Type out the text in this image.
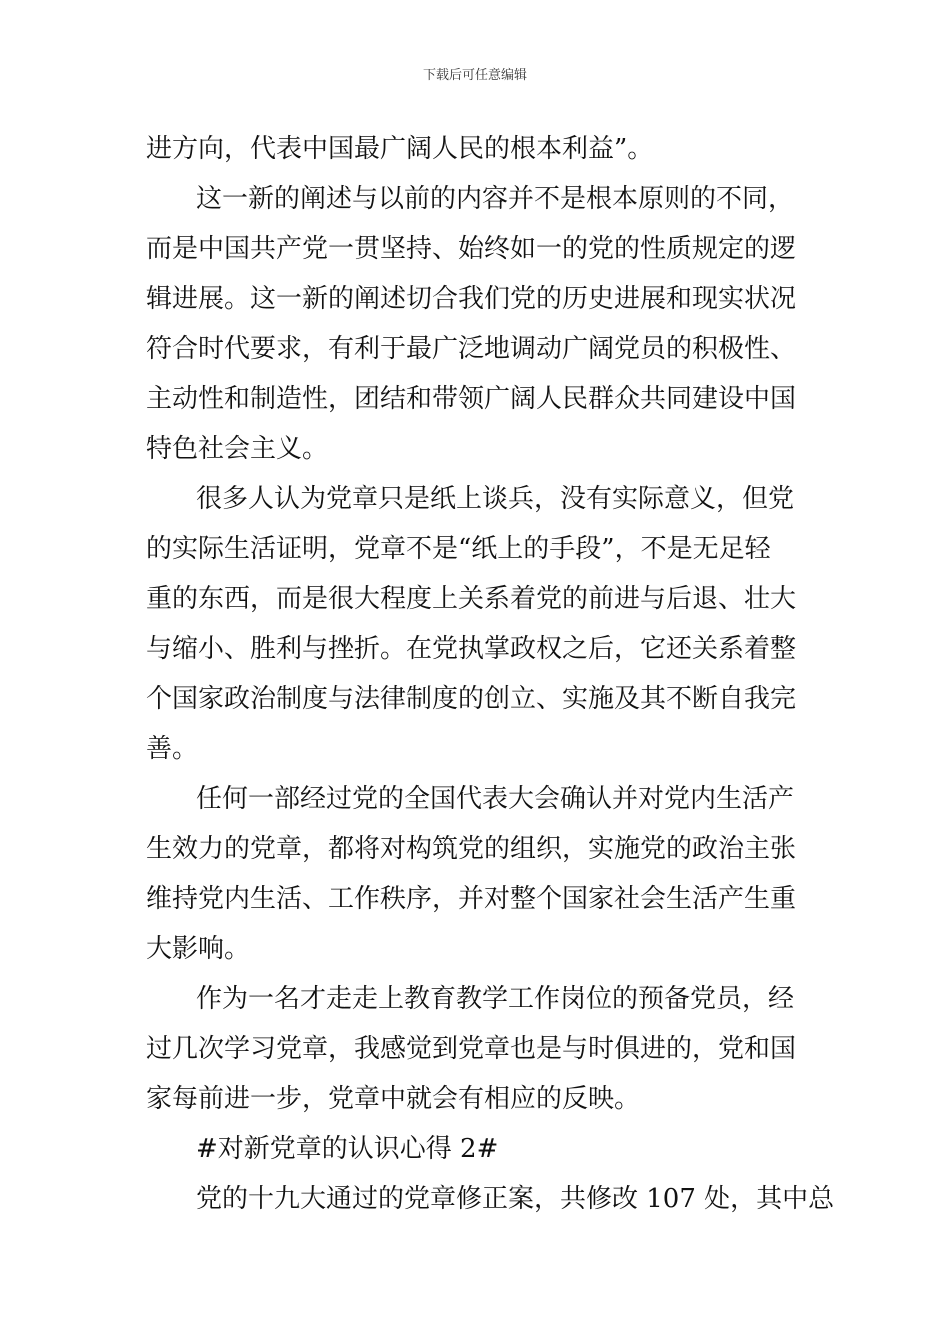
下载后可任意编辑
进方向，代表中国最广阔人民的根本利益”。
这一新的阐述与以前的内容并不是根本原则的不同，
而是中国共产党一贯坚持、始终如一的党的性质规定的逻
辑进展。这一新的阐述切合我们党的历史进展和现实状况
符合时代要求，有利于最广泛地调动广阔党员的积极性、
主动性和制造性，团结和带领广阔人民群众共同建设中国
特色社会主义。
很多人认为党章只是纸上谈兵，没有实际意义，但党
的实际生活证明，党章不是“纸上的手段”，不是无足轻
重的东西，而是很大程度上关系着党的前进与后退、壮大
与缩小、胜利与挫折。在党执掌政权之后，它还关系着整
个国家政治制度与法律制度的创立、实施及其不断自我完
善。
任何一部经过党的全国代表大会确认并对党内生活产
生效力的党章，都将对构筑党的组织，实施党的政治主张
维持党内生活、工作秩序，并对整个国家社会生活产生重
大影响。
作为一名才走走上教育教学工作岗位的预备党员，经
过几次学习党章，我感觉到党章也是与时俱进的，党和国
家每前进一步，党章中就会有相应的反映。
#对新党章的认识心得 2#
党的十九大通过的党章修正案，共修改 107 处，其中总
